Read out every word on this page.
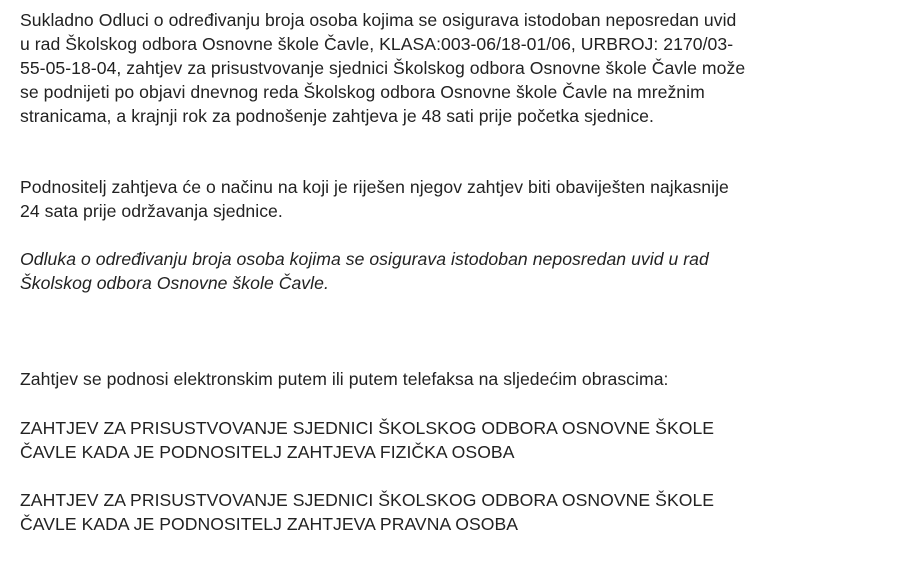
Sukladno Odluci o određivanju broja osoba kojima se osigurava istodoban neposredan uvid
u rad Školskog odbora Osnovne škole Čavle, KLASA:003-06/18-01/06, URBROJ: 2170/03-
55-05-18-04, zahtjev za prisustvovanje sjednici Školskog odbora Osnovne škole Čavle može
se podnijeti po objavi dnevnog reda Školskog odbora Osnovne škole Čavle na mrežnim
stranicama, a krajnji rok za podnošenje zahtjeva je 48 sati prije početka sjednice.

Podnositelj zahtjeva će o načinu na koji je riješen njegov zahtjev biti obaviješten najkasnije
24 sata prije održavanja sjednice.

Odluka o određivanju broja osoba kojima se osigurava istodoban neposredan uvid u rad
Školskog odbora Osnovne škole Čavle.

Zahtjev se podnosi elektronskim putem ili putem telefaksa na sljedećim obrascima:

ZAHTJEV ZA PRISUSTVOVANJE SJEDNICI ŠKOLSKOG ODBORA OSNOVNE ŠKOLE
ČAVLE KADA JE PODNOSITELJ ZAHTJEVA FIZIČKA OSOBA

ZAHTJEV ZA PRISUSTVOVANJE SJEDNICI ŠKOLSKOG ODBORA OSNOVNE ŠKOLE
ČAVLE KADA JE PODNOSITELJ ZAHTJEVA PRAVNA OSOBA
